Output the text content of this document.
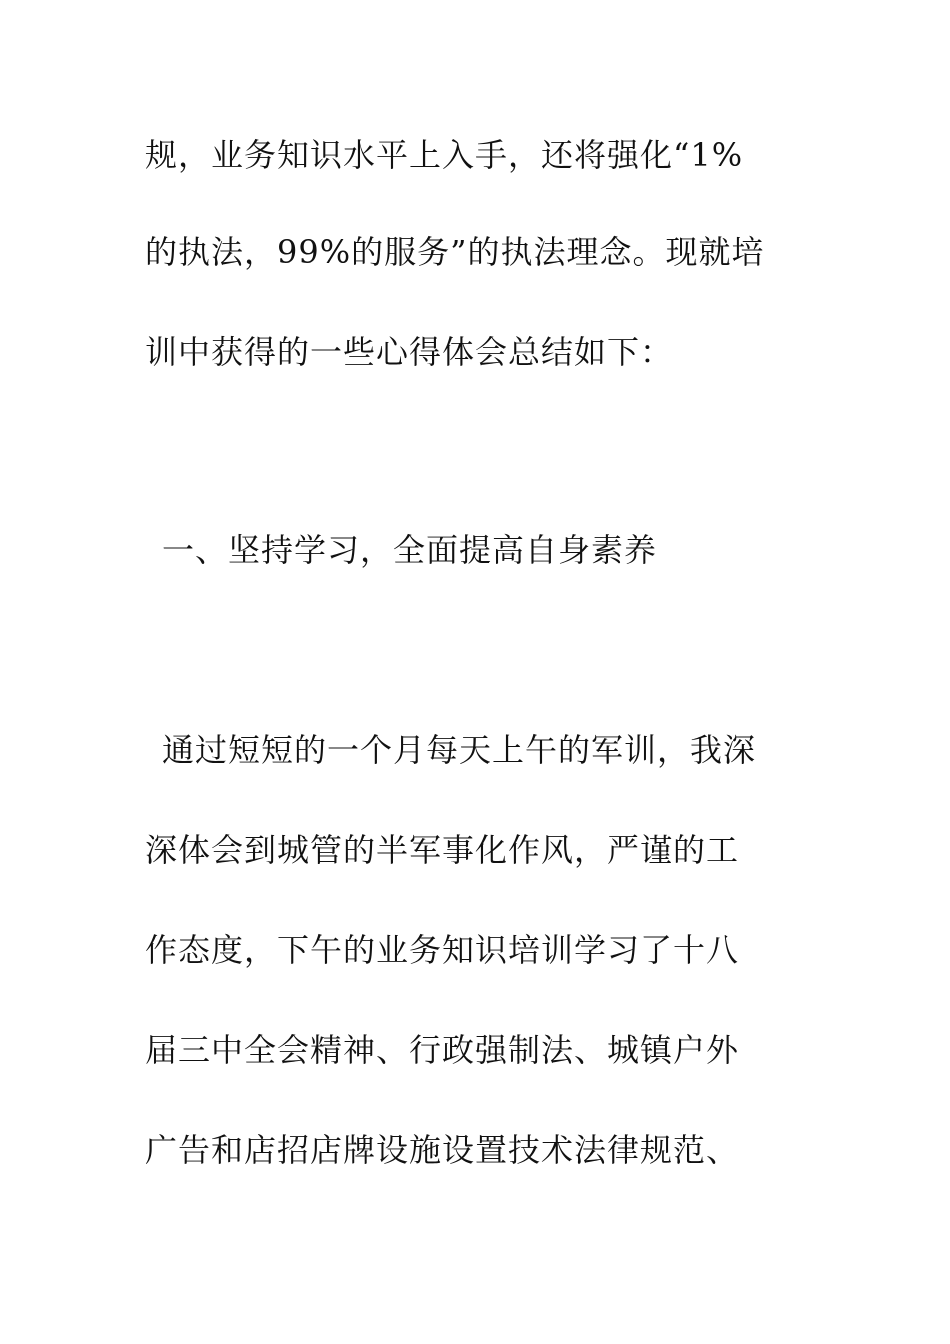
规，业务知识水平上入手，还将强化“1%
的执法，99%的服务”的执法理念。现就培
训中获得的一些心得体会总结如下：
一、坚持学习，全面提高自身素养
通过短短的一个月每天上午的军训，我深
深体会到城管的半军事化作风，严谨的工
作态度，下午的业务知识培训学习了十八
届三中全会精神、行政强制法、城镇户外
广告和店招店牌设施设置技术法律规范、
